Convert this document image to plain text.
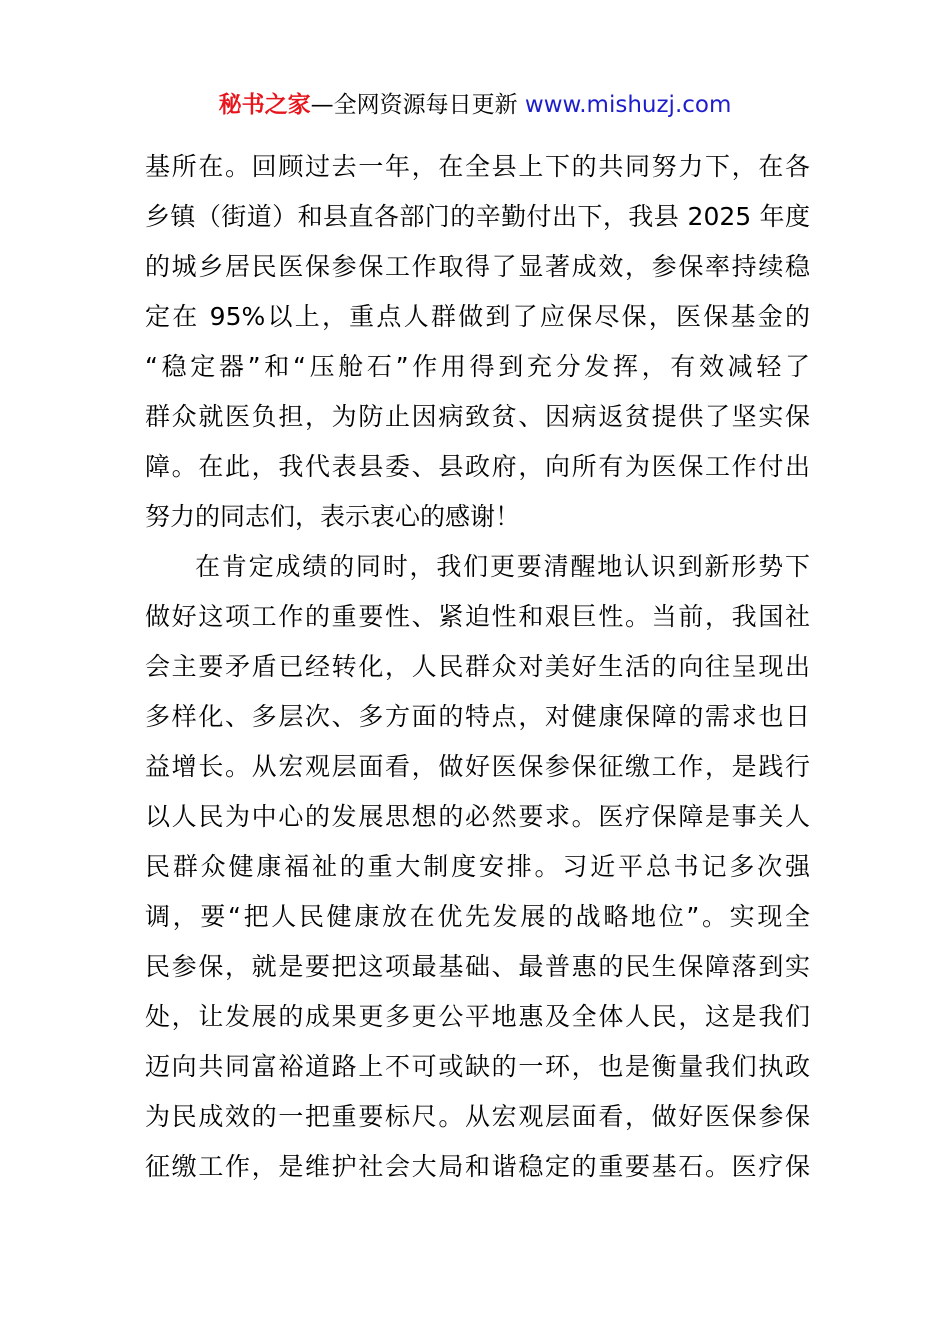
秘书之家—全网资源每日更新 www.mishuzj.com
基所在。回顾过去一年，在全县上下的共同努力下，在各
乡镇（街道）和县直各部门的辛勤付出下，我县 2025 年度
的城乡居民医保参保工作取得了显著成效，参保率持续稳
定在 95%以上，重点人群做到了应保尽保，医保基金的
“稳定器”和“压舱石”作用得到充分发挥，有效减轻了
群众就医负担，为防止因病致贫、因病返贫提供了坚实保
障。在此，我代表县委、县政府，向所有为医保工作付出
努力的同志们，表示衷心的感谢！
在肯定成绩的同时，我们更要清醒地认识到新形势下
做好这项工作的重要性、紧迫性和艰巨性。当前，我国社
会主要矛盾已经转化，人民群众对美好生活的向往呈现出
多样化、多层次、多方面的特点，对健康保障的需求也日
益增长。从宏观层面看，做好医保参保征缴工作，是践行
以人民为中心的发展思想的必然要求。医疗保障是事关人
民群众健康福祉的重大制度安排。习近平总书记多次强
调，要“把人民健康放在优先发展的战略地位”。实现全
民参保，就是要把这项最基础、最普惠的民生保障落到实
处，让发展的成果更多更公平地惠及全体人民，这是我们
迈向共同富裕道路上不可或缺的一环，也是衡量我们执政
为民成效的一把重要标尺。从宏观层面看，做好医保参保
征缴工作，是维护社会大局和谐稳定的重要基石。医疗保
